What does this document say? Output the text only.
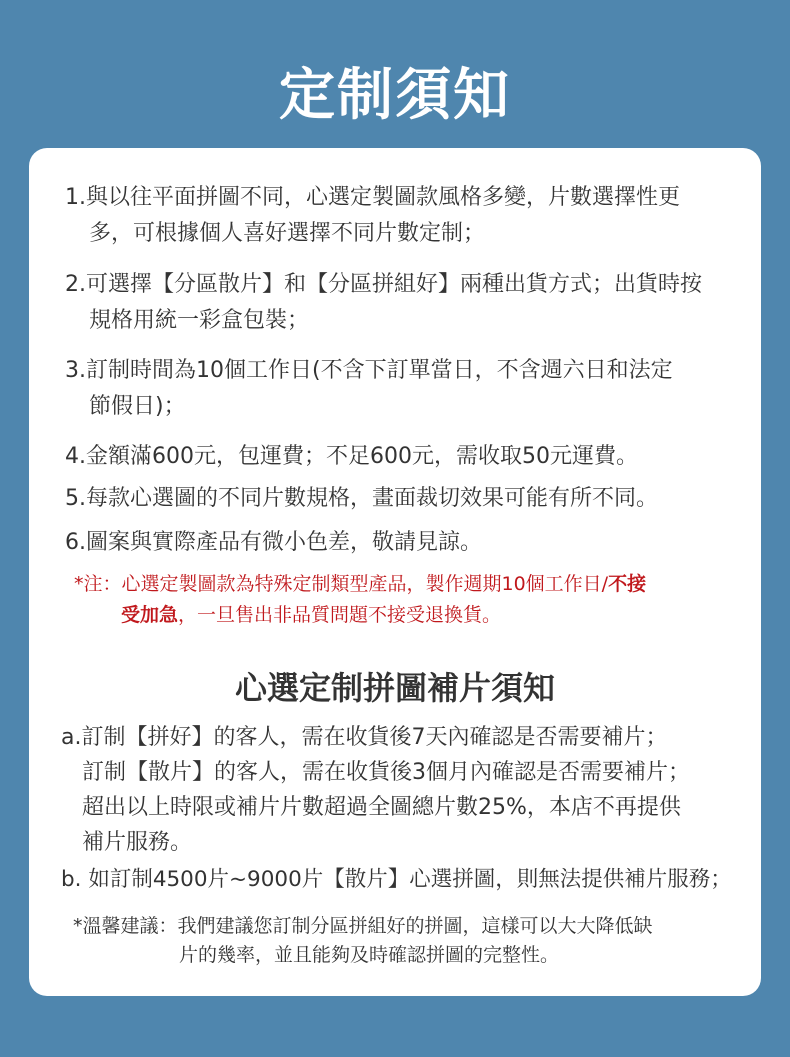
定制須知
1.與以往平面拼圖不同，心選定製圖款風格多變，片數選擇性更
多，可根據個人喜好選擇不同片數定制；
2.可選擇【分區散片】和【分區拼組好】兩種出貨方式；出貨時按
規格用統一彩盒包裝；
3.訂制時間為10個工作日(不含下訂單當日，不含週六日和法定
節假日)；
4.金額滿600元，包運費；不足600元，需收取50元運費。
5.每款心選圖的不同片數規格，畫面裁切效果可能有所不同。
6.圖案與實際產品有微小色差，敬請見諒。
*注：心選定製圖款為特殊定制類型產品，製作週期10個工作日/不接
受加急，一旦售出非品質問題不接受退換貨。
心選定制拼圖補片須知
a.訂制【拼好】的客人，需在收貨後7天內確認是否需要補片；
訂制【散片】的客人，需在收貨後3個月內確認是否需要補片；
超出以上時限或補片片數超過全圖總片數25%，本店不再提供
補片服務。
b. 如訂制4500片~9000片【散片】心選拼圖，則無法提供補片服務；
*溫馨建議：我們建議您訂制分區拼組好的拼圖，這樣可以大大降低缺
片的幾率，並且能夠及時確認拼圖的完整性。
